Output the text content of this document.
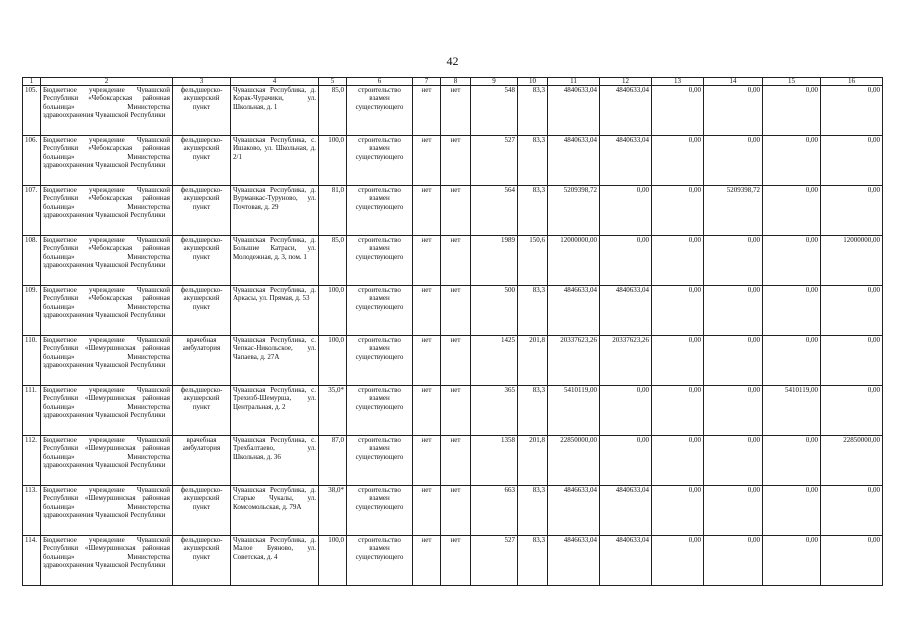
42
1	2	3	4	5	6	7	8	9	10	11	12	13	14	15	16
105.	Бюджетное учреждение Чувашской Республики «Чебоксарская районная больница» Министерства здравоохранения Чувашской Республики	фельдшерско-акушерский пункт	Чувашская Республика, д. Корак-Чурачики, ул. Школьная, д. 1	85,0	строительство взамен существующего	нет	нет	548	83,3	4840633,04	4840633,04	0,00	0,00	0,00	0,00
106.	Бюджетное учреждение Чувашской Республики «Чебоксарская районная больница» Министерства здравоохранения Чувашской Республики	фельдшерско-акушерский пункт	Чувашская Республика, с. Ишаково, ул. Школьная, д. 2/1	100,0	строительство взамен существующего	нет	нет	527	83,3	4840633,04	4840633,04	0,00	0,00	0,00	0,00
107.	Бюджетное учреждение Чувашской Республики «Чебоксарская районная больница» Министерства здравоохранения Чувашской Республики	фельдшерско-акушерский пункт	Чувашская Республика, д. Вурманкас-Туруново, ул. Почтовая, д. 29	81,0	строительство взамен существующего	нет	нет	564	83,3	5209398,72	0,00	0,00	5209398,72	0,00	0,00
108.	Бюджетное учреждение Чувашской Республики «Чебоксарская районная больница» Министерства здравоохранения Чувашской Республики	фельдшерско-акушерский пункт	Чувашская Республика, д. Большие Катраси, ул. Молодежная, д. 3, пом. 1	85,0	строительство взамен существующего	нет	нет	1989	150,6	12000000,00	0,00	0,00	0,00	0,00	12000000,00
109.	Бюджетное учреждение Чувашской Республики «Чебоксарская районная больница» Министерства здравоохранения Чувашской Республики	фельдшерско-акушерский пункт	Чувашская Республика, д. Аркасы, ул. Прямая, д. 53	100,0	строительство взамен существующего	нет	нет	500	83,3	4846633,04	4840633,04	0,00	0,00	0,00	0,00
110.	Бюджетное учреждение Чувашской Республики «Шемуршинская районная больница» Министерства здравоохранения Чувашской Республики	врачебная амбулатория	Чувашская Республика, с. Чепкас-Никольское, ул. Чапаева, д. 27А	100,0	строительство взамен существующего	нет	нет	1425	201,8	20337623,26	20337623,26	0,00	0,00	0,00	0,00
111.	Бюджетное учреждение Чувашской Республики «Шемуршинская районная больница» Министерства здравоохранения Чувашской Республики	фельдшерско-акушерский пункт	Чувашская Республика, с. Трехизб-Шемурша, ул. Центральная, д. 2	35,0*	строительство взамен существующего	нет	нет	365	83,3	5410119,00	0,00	0,00	0,00	5410119,00	0,00
112.	Бюджетное учреждение Чувашской Республики «Шемуршинская районная больница» Министерства здравоохранения Чувашской Республики	врачебная амбулатория	Чувашская Республика, с. Трехбалтаево, ул. Школьная, д. 36	87,0	строительство взамен существующего	нет	нет	1358	201,8	22850000,00	0,00	0,00	0,00	0,00	22850000,00
113.	Бюджетное учреждение Чувашской Республики «Шемуршинская районная больница» Министерства здравоохранения Чувашской Республики	фельдшерско-акушерский пункт	Чувашская Республика, д. Старые Чукалы, ул. Комсомольская, д. 79А	38,0*	строительство взамен существующего	нет	нет	663	83,3	4846633,04	4840633,04	0,00	0,00	0,00	0,00
114.	Бюджетное учреждение Чувашской Республики «Шемуршинская районная больница» Министерства здравоохранения Чувашской Республики	фельдшерско-акушерский пункт	Чувашская Республика, д. Малое Буяново, ул. Советская, д. 4	100,0	строительство взамен существующего	нет	нет	527	83,3	4846633,04	4840633,04	0,00	0,00	0,00	0,00
